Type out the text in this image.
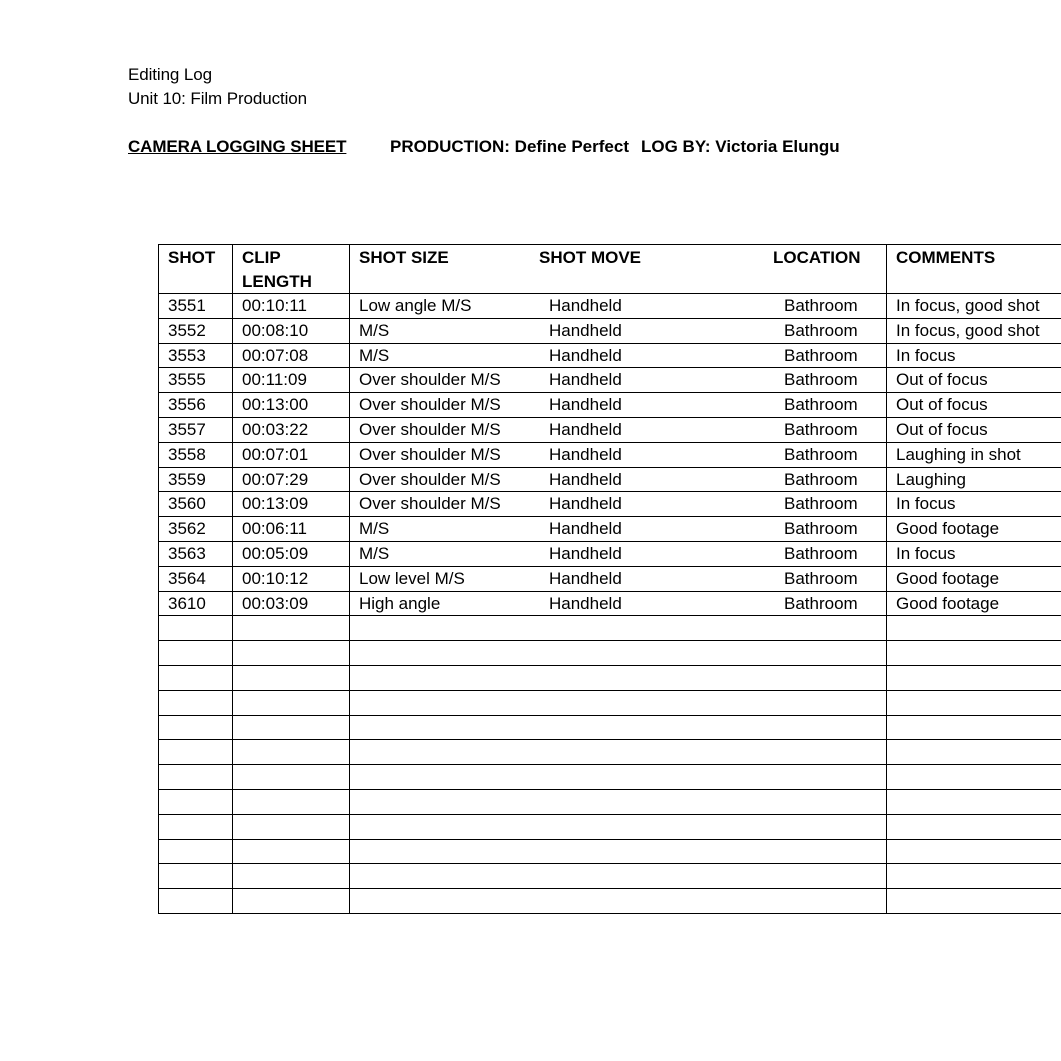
Editing Log
Unit 10: Film Production
CAMERA LOGGING SHEET	PRODUCTION: Define Perfect LOG BY: Victoria Elungu
SHOT CLIP
LENGTH
SHOT SIZE	SHOT MOVE	LOCATION COMMENTS
3551 00:10:11	Low angle M/S	Handheld	Bathroom In focus, good shot
3552 00:08:10	M/S	Handheld	Bathroom In focus, good shot
3553 00:07:08	M/S	Handheld	Bathroom In focus
3555 00:11:09	Over shoulder M/S	Handheld	Bathroom Out of focus
3556 00:13:00	Over shoulder M/S	Handheld	Bathroom Out of focus
3557 00:03:22	Over shoulder M/S	Handheld	Bathroom Out of focus
3558 00:07:01	Over shoulder M/S	Handheld	Bathroom Laughing in shot
3559 00:07:29	Over shoulder M/S	Handheld	Bathroom Laughing
3560 00:13:09	Over shoulder M/S	Handheld	Bathroom In focus
3562 00:06:11	M/S	Handheld	Bathroom Good footage
3563 00:05:09	M/S	Handheld	Bathroom In focus
3564 00:10:12	Low level M/S	Handheld	Bathroom Good footage
3610 00:03:09	High angle	Handheld	Bathroom Good footage
